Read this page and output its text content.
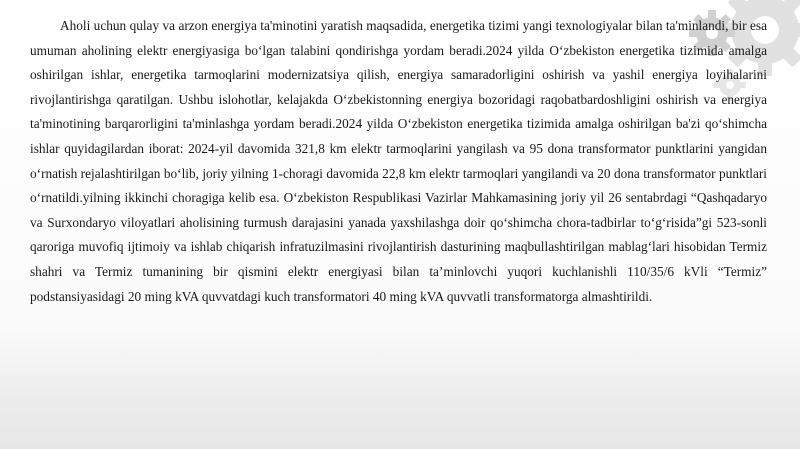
Aholi uchun qulay va arzon energiya ta'minotini yaratish maqsadida, energetika tizimi yangi texnologiyalar bilan ta'minlandi, bir esa umuman aholining elektr energiyasiga boʻlgan talabini qondirishga yordam beradi.2024 yilda Oʻzbekiston energetika tizimida amalga oshirilgan ishlar, energetika tarmoqlarini modernizatsiya qilish, energiya samaradorligini oshirish va yashil energiya loyihalarini rivojlantirishga qaratilgan. Ushbu islohotlar, kelajakda Oʻzbekistonning energiya bozoridagi raqobatbardoshligini oshirish va energiya ta'minotining barqarorligini ta'minlashga yordam beradi.2024 yilda Oʻzbekiston energetika tizimida amalga oshirilgan ba'zi qoʻshimcha ishlar quyidagilardan iborat: 2024-yil davomida 321,8 km elektr tarmoqlarini yangilash va 95 dona transformator punktlarini yangidan oʻrnatish rejalashtirilgan boʻlib, joriy yilning 1-choragi davomida 22,8 km elektr tarmoqlari yangilandi va 20 dona transformator punktlari oʻrnatildi.yilning ikkinchi choragiga kelib esa. Oʻzbekiston Respublikasi Vazirlar Mahkamasining joriy yil 26 sentabrdagi “Qashqadaryo va Surxondaryo viloyatlari aholisining turmush darajasini yanada yaxshilashga doir qoʻshimcha chora-tadbirlar toʻgʻrisida”gi 523-sonli qaroriga muvofiq ijtimoiy va ishlab chiqarish infratuzilmasini rivojlantirish dasturining maqbullashtirilgan mablagʻlari hisobidan Termiz shahri va Termiz tumanining bir qismini elektr energiyasi bilan ta’minlovchi yuqori kuchlanishli 110/35/6 kVli “Termiz” podstansiyasidagi 20 ming kVA quvvatdagi kuch transformatori 40 ming kVA quvvatli transformatorga almashtirildi.
